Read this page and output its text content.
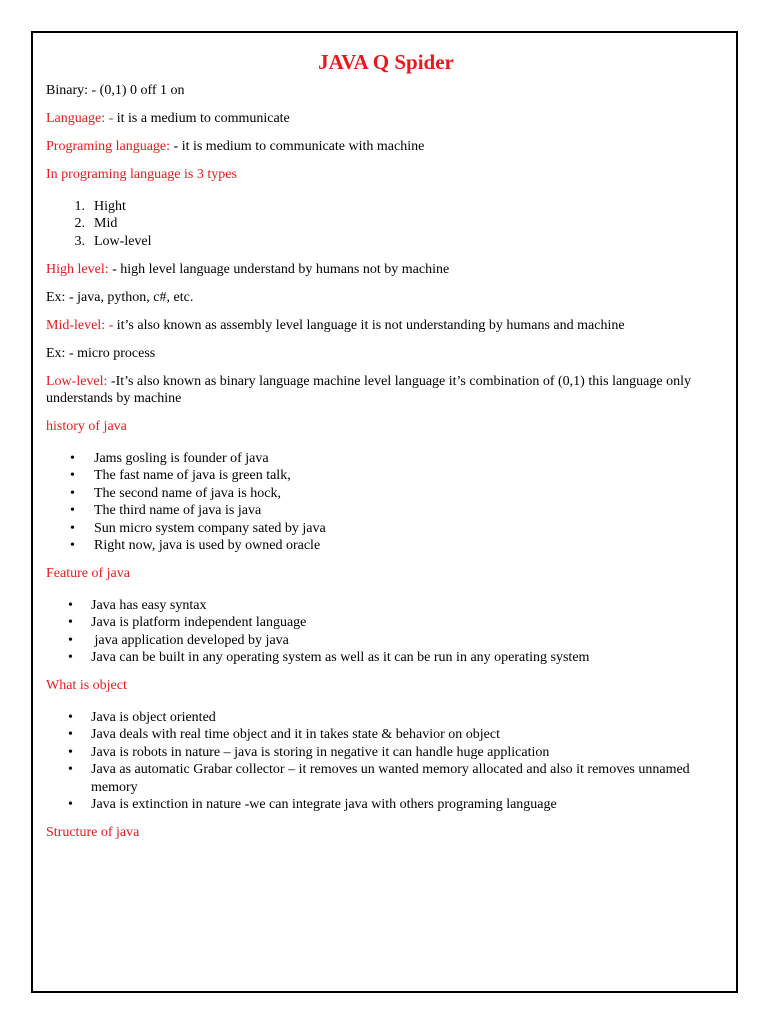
JAVA Q Spider

Binary: - (0,1) 0 off 1 on

Language: - it is a medium to communicate

Programing language: - it is medium to communicate with machine

In programing language is 3 types

1. Hight
2. Mid
3. Low-level

High level: - high level language understand by humans not by machine

Ex: - java, python, c#, etc.

Mid-level: - it’s also known as assembly level language it is not understanding by humans and machine

Ex: - micro process

Low-level: -It’s also known as binary language machine level language it’s combination of (0,1) this language only understands by machine

history of java

• Jams gosling is founder of java
• The fast name of java is green talk,
• The second name of java is hock,
• The third name of java is java
• Sun micro system company sated by java
• Right now, java is used by owned oracle

Feature of java

• Java has easy syntax
• Java is platform independent language
• java application developed by java
• Java can be built in any operating system as well as it can be run in any operating system

What is object

• Java is object oriented
• Java deals with real time object and it in takes state & behavior on object
• Java is robots in nature – java is storing in negative it can handle huge application
• Java as automatic Grabar collector – it removes un wanted memory allocated and also it removes unnamed memory
• Java is extinction in nature -we can integrate java with others programing language

Structure of java
